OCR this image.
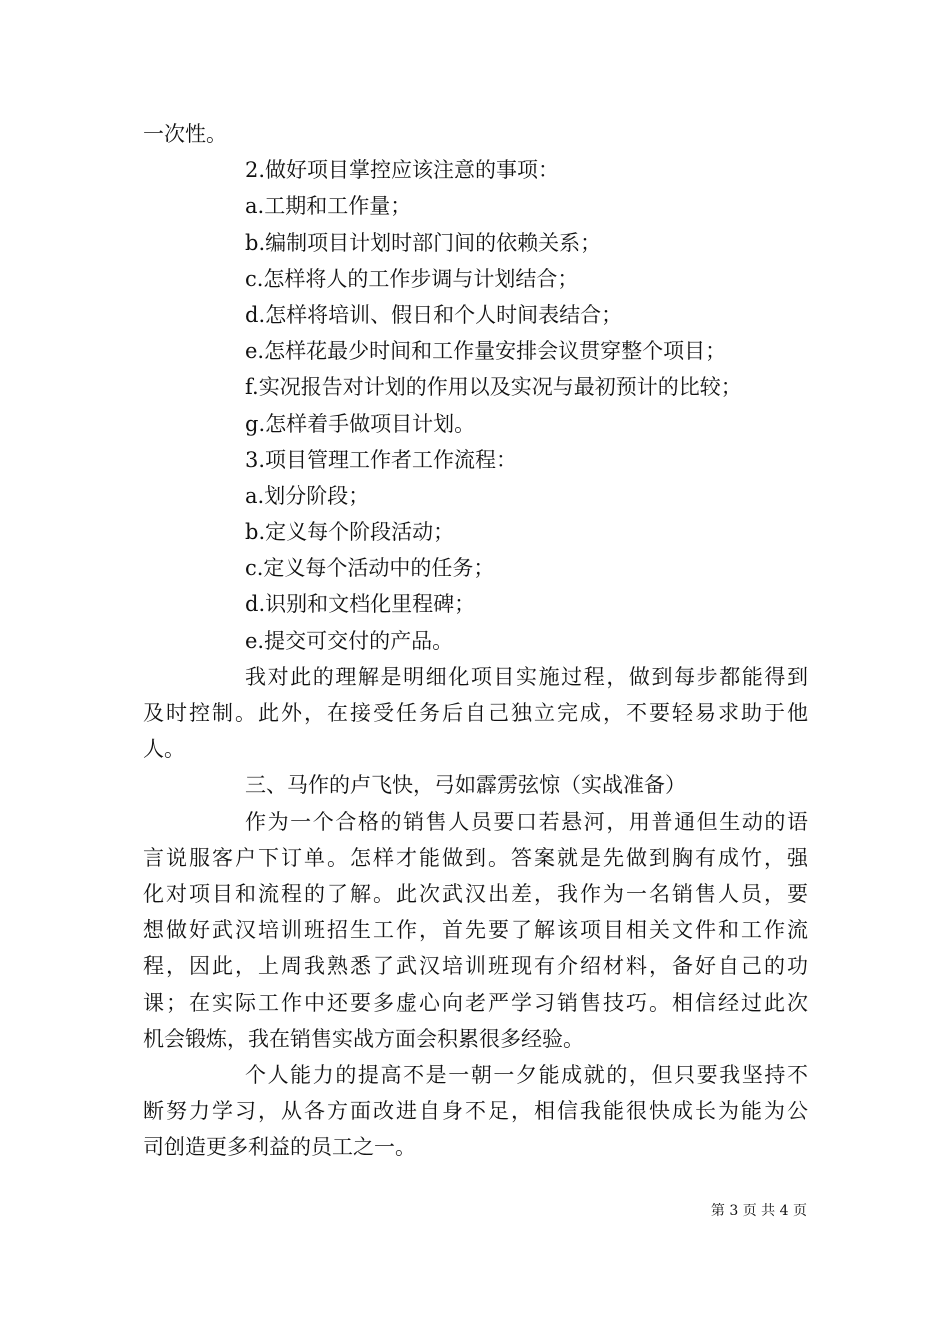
一次性。
2.做好项目掌控应该注意的事项：
a.工期和工作量；
b.编制项目计划时部门间的依赖关系；
c.怎样将人的工作步调与计划结合；
d.怎样将培训、假日和个人时间表结合；
e.怎样花最少时间和工作量安排会议贯穿整个项目；
f.实况报告对计划的作用以及实况与最初预计的比较；
g.怎样着手做项目计划。
3.项目管理工作者工作流程：
a.划分阶段；
b.定义每个阶段活动；
c.定义每个活动中的任务；
d.识别和文档化里程碑；
e.提交可交付的产品。
我对此的理解是明细化项目实施过程，做到每步都能得到
及时控制。此外，在接受任务后自己独立完成，不要轻易求助于他
人。
三、马作的卢飞快，弓如霹雳弦惊（实战准备）
作为一个合格的销售人员要口若悬河，用普通但生动的语
言说服客户下订单。怎样才能做到。答案就是先做到胸有成竹，强
化对项目和流程的了解。此次武汉出差，我作为一名销售人员，要
想做好武汉培训班招生工作，首先要了解该项目相关文件和工作流
程，因此，上周我熟悉了武汉培训班现有介绍材料，备好自己的功
课；在实际工作中还要多虚心向老严学习销售技巧。相信经过此次
机会锻炼，我在销售实战方面会积累很多经验。
个人能力的提高不是一朝一夕能成就的，但只要我坚持不
断努力学习，从各方面改进自身不足，相信我能很快成长为能为公
司创造更多利益的员工之一。
第 3 页 共 4 页
